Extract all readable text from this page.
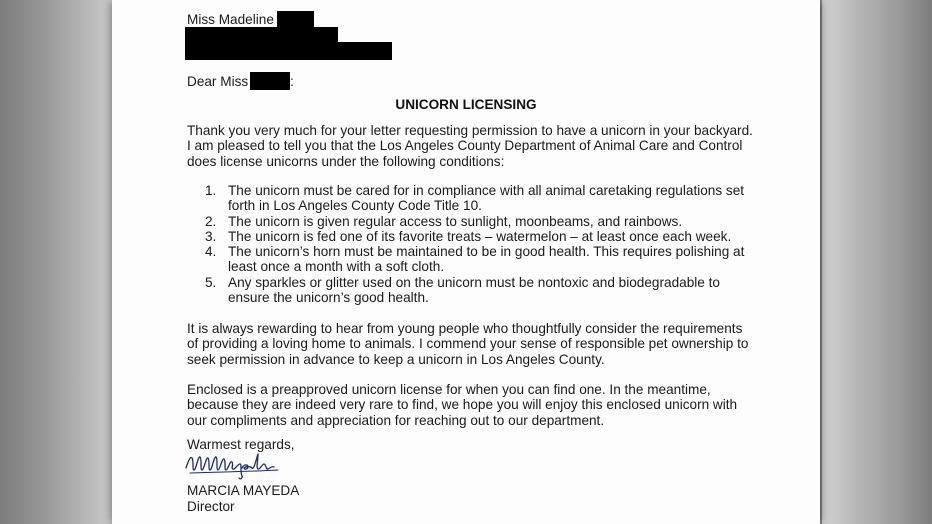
Miss Madeline

Dear Miss	:

UNICORN LICENSING

Thank you very much for your letter requesting permission to have a unicorn in your backyard.
I am pleased to tell you that the Los Angeles County Department of Animal Care and Control
does license unicorns under the following conditions:
1. The unicorn must be cared for in compliance with all animal caretaking regulations set
forth in Los Angeles County Code Title 10.
2. The unicorn is given regular access to sunlight, moonbeams, and rainbows.
3. The unicorn is fed one of its favorite treats – watermelon – at least once each week.
4. The unicorn’s horn must be maintained to be in good health. This requires polishing at
least once a month with a soft cloth.
5. Any sparkles or glitter used on the unicorn must be nontoxic and biodegradable to
ensure the unicorn’s good health.
It is always rewarding to hear from young people who thoughtfully consider the requirements
of providing a loving home to animals. I commend your sense of responsible pet ownership to
seek permission in advance to keep a unicorn in Los Angeles County.
Enclosed is a preapproved unicorn license for when you can find one. In the meantime,
because they are indeed very rare to find, we hope you will enjoy this enclosed unicorn with
our compliments and appreciation for reaching out to our department.

Warmest regards,

MARCIA MAYEDA

Director
